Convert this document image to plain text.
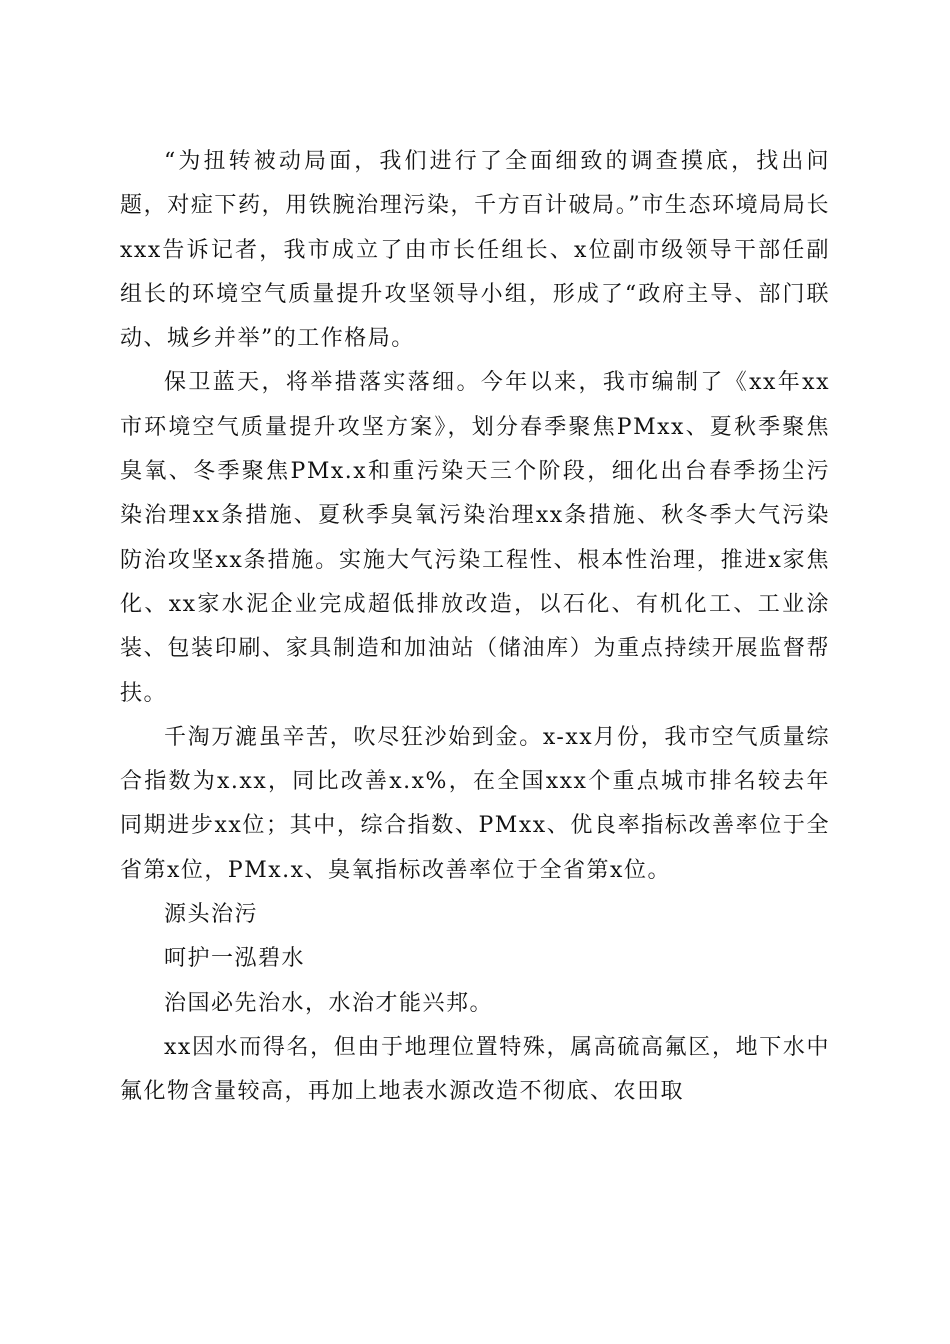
“为扭转被动局面，我们进行了全面细致的调查摸底，找出问题，对症下药，用铁腕治理污染，千方百计破局。”市生态环境局局长xxx告诉记者，我市成立了由市长任组长、x位副市级领导干部任副组长的环境空气质量提升攻坚领导小组，形成了“政府主导、部门联动、城乡并举”的工作格局。

保卫蓝天，将举措落实落细。今年以来，我市编制了《xx年xx市环境空气质量提升攻坚方案》，划分春季聚焦PMxx、夏秋季聚焦臭氧、冬季聚焦PMx.x和重污染天三个阶段，细化出台春季扬尘污染治理xx条措施、夏秋季臭氧污染治理xx条措施、秋冬季大气污染防治攻坚xx条措施。实施大气污染工程性、根本性治理，推进x家焦化、xx家水泥企业完成超低排放改造，以石化、有机化工、工业涂装、包装印刷、家具制造和加油站（储油库）为重点持续开展监督帮扶。

千淘万漉虽辛苦，吹尽狂沙始到金。x-xx月份，我市空气质量综合指数为x.xx，同比改善x.x%，在全国xxx个重点城市排名较去年同期进步xx位；其中，综合指数、PMxx、优良率指标改善率位于全省第x位，PMx.x、臭氧指标改善率位于全省第x位。

源头治污

呵护一泓碧水

治国必先治水，水治才能兴邦。

xx因水而得名，但由于地理位置特殊，属高硫高氟区，地下水中氟化物含量较高，再加上地表水源改造不彻底、农田取
